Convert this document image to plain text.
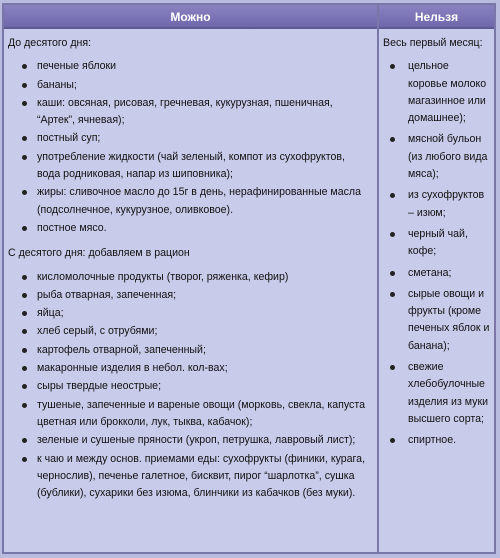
Можно	Нельзя
До десятого дня:
печеные яблоки
бананы;
каши: овсяная, рисовая, гречневая, кукурузная, пшеничная, “Артек”, ячневая);
постный суп;
употребление жидкости (чай зеленый, компот из сухофруктов, вода родниковая, напар из шиповника);
жиры: сливочное масло до 15г в день, нерафинированные масла (подсолнечное, кукурузное, оливковое).
постное мясо.
С десятого дня: добавляем в рацион
кисломолочные продукты (творог, ряженка, кефир)
рыба отварная, запеченная;
яйца;
хлеб серый, с отрубями;
картофель отварной, запеченный;
макаронные изделия в небол. кол-вах;
сыры твердые неострые;
тушеные, запеченные и вареные овощи (морковь, свекла, капуста цветная или брокколи, лук, тыква, кабачок);
зеленые и сушеные пряности (укроп, петрушка, лавровый лист);
к чаю и между основ. приемами еды: сухофрукты (финики, курага, чернослив), печенье галетное, бисквит, пирог “шарлотка”, сушка (бублики), сухарики без изюма, блинчики из кабачков (без муки).
Весь первый месяц:
цельное коровье молоко магазинное или домашнее);
мясной бульон (из любого вида мяса);
из сухофруктов – изюм;
черный чай, кофе;
сметана;
сырые овощи и фрукты (кроме печеных яблок и банана);
свежие хлебобулочные изделия из муки высшего сорта;
спиртное.
